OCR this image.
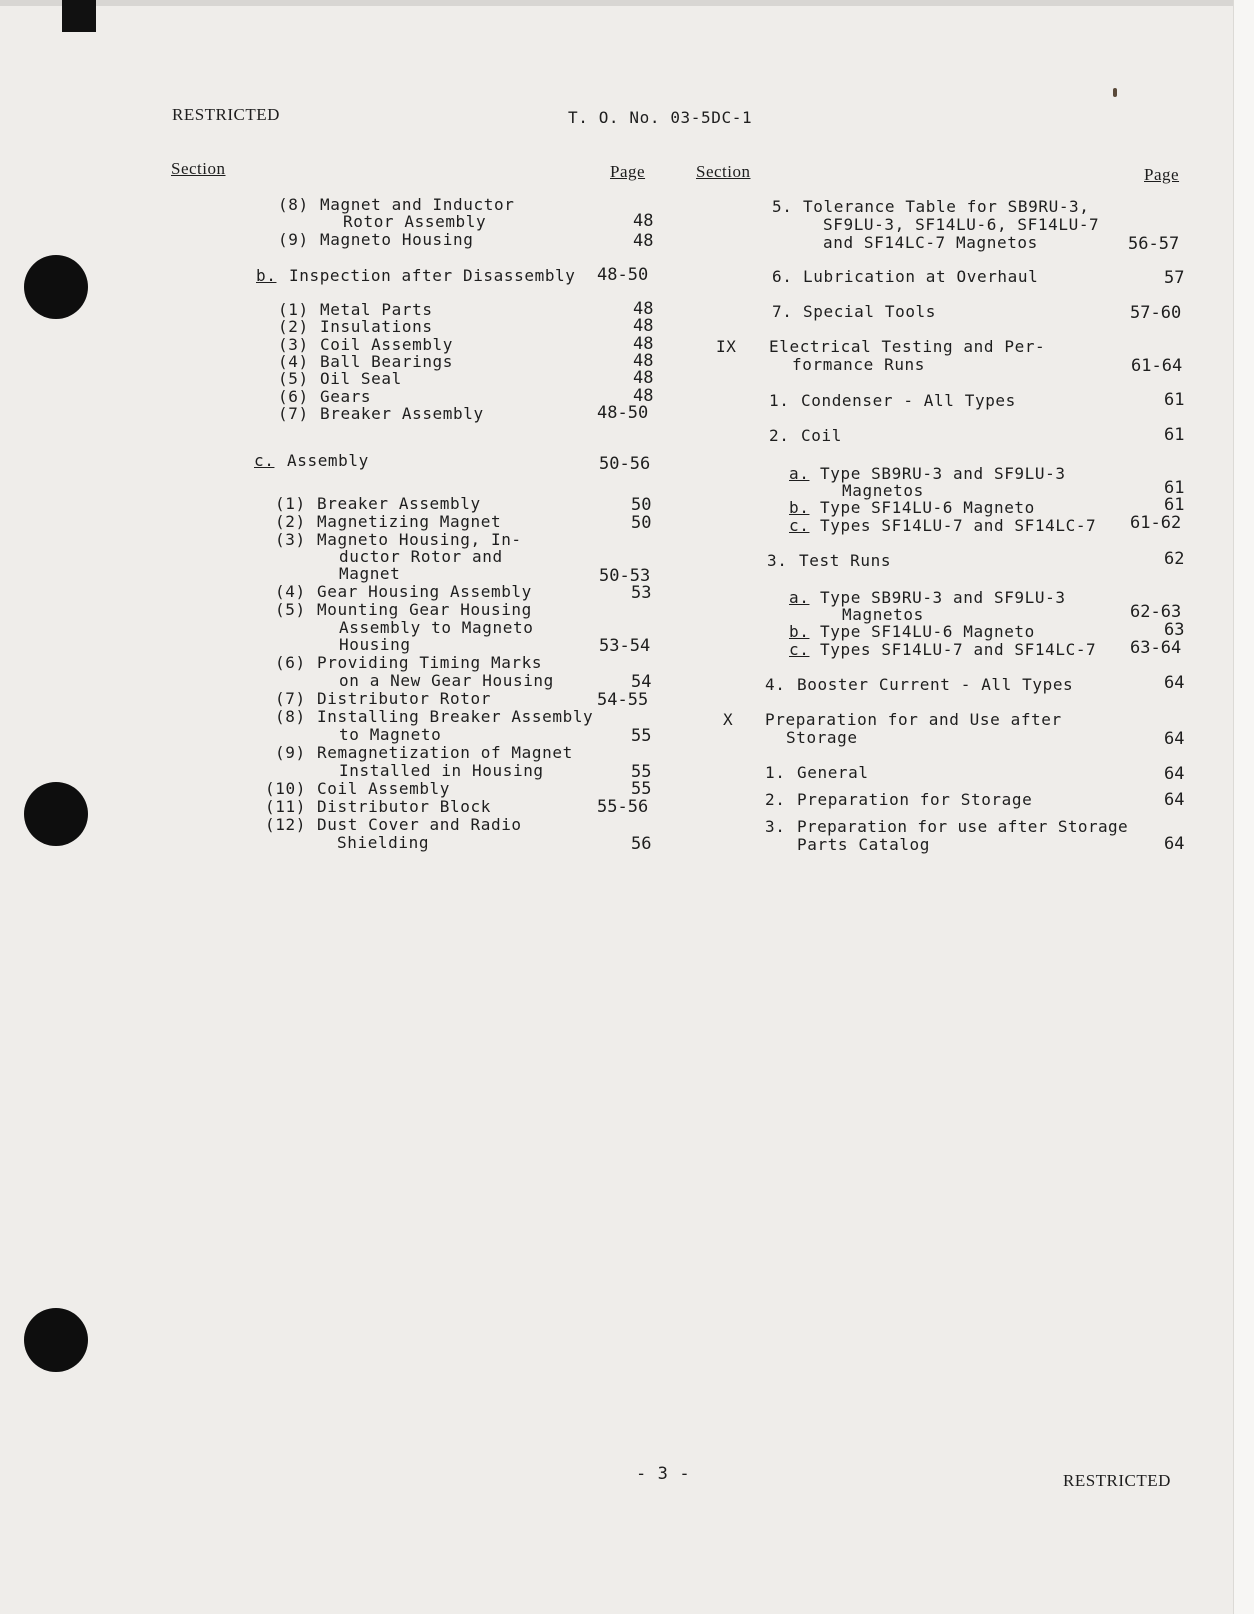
RESTRICTED	T. O. No. 03-5DC-1
Section	Page	Section	Page
(8) Magnet and Inductor
Rotor Assembly	48
(9) Magneto Housing	48
b. Inspection after Disassembly 48-50
(1) Metal Parts	48
(2) Insulations	48
(3) Coil Assembly	48
(4) Ball Bearings	48
(5) Oil Seal	48
(6) Gears	48
(7) Breaker Assembly	48-50
c. Assembly	50-56
(1) Breaker Assembly	50
(2) Magnetizing Magnet	50
(3) Magneto Housing, In-
ductor Rotor and
Magnet	50-53
(4) Gear Housing Assembly	53
(5) Mounting Gear Housing
Assembly to Magneto
Housing	53-54
(6) Providing Timing Marks
on a New Gear Housing	54
(7) Distributor Rotor	54-55
(8) Installing Breaker Assembly
to Magneto	55
(9) Remagnetization of Magnet
Installed in Housing	55
(10) Coil Assembly	55
(11) Distributor Block	55-56
(12) Dust Cover and Radio
Shielding	56
5. Tolerance Table for SB9RU-3,
SF9LU-3, SF14LU-6, SF14LU-7
and SF14LC-7 Magnetos	56-57
6. Lubrication at Overhaul	57
7. Special Tools	57-60
IX Electrical Testing and Per-
formance Runs	61-64
1. Condenser - All Types	61
2. Coil	61
a. Type SB9RU-3 and SF9LU-3
Magnetos	61
b. Type SF14LU-6 Magneto	61
c. Types SF14LU-7 and SF14LC-7 61-62
3. Test Runs	62
a. Type SB9RU-3 and SF9LU-3
Magnetos	62-63
b. Type SF14LU-6 Magneto	63
c. Types SF14LU-7 and SF14LC-7 63-64
4. Booster Current - All Types	64
X Preparation for and Use after
Storage	64
1. General	64
2. Preparation for Storage	64
3. Preparation for use after Storage
Parts Catalog	64
- 3 -	RESTRICTED
